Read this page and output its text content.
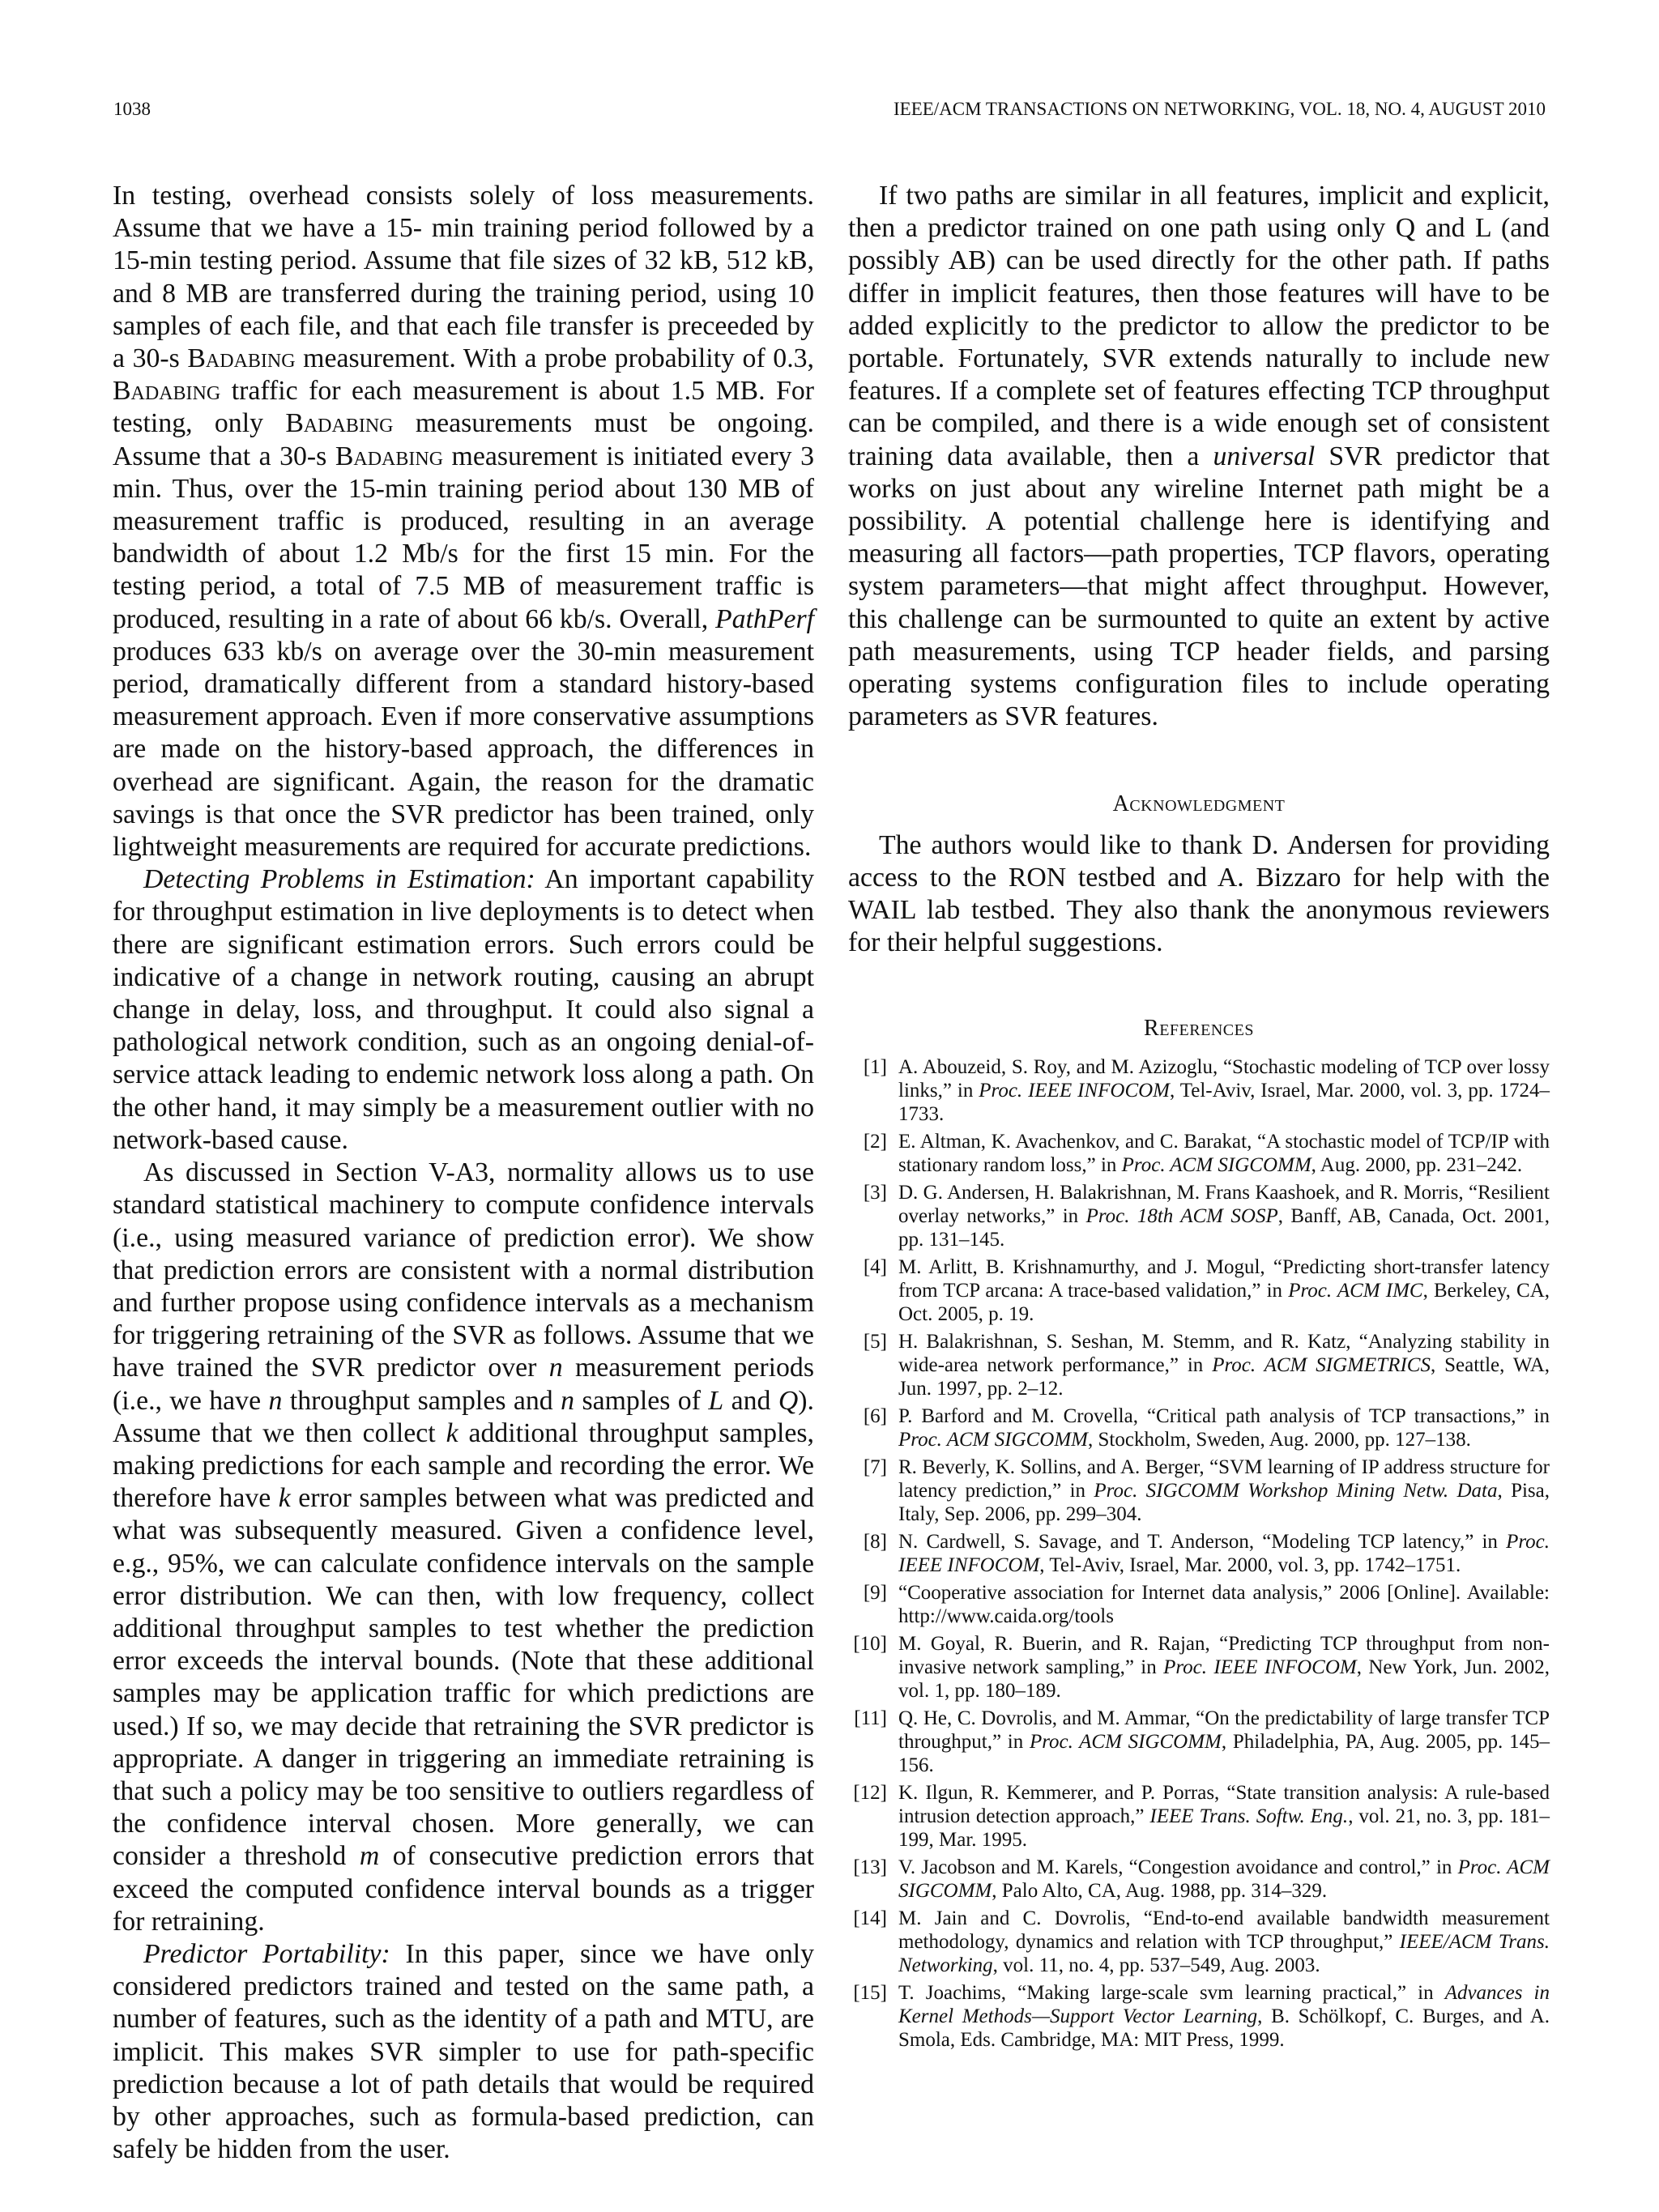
1038	IEEE/ACM TRANSACTIONS ON NETWORKING, VOL. 18, NO. 4, AUGUST 2010

In testing, overhead consists solely of loss measurements. Assume that we have a 15- min training period followed by a 15-min testing period. Assume that file sizes of 32 kB, 512 kB, and 8 MB are transferred during the training period, using 10 samples of each file, and that each file transfer is preceeded by a 30-s Badabing measurement. With a probe probability of 0.3, Badabing traffic for each measurement is about 1.5 MB. For testing, only Badabing measurements must be ongoing. Assume that a 30-s Badabing measurement is initiated every 3 min. Thus, over the 15-min training period about 130 MB of measurement traffic is produced, resulting in an average bandwidth of about 1.2 Mb/s for the first 15 min. For the testing period, a total of 7.5 MB of measurement traffic is produced, resulting in a rate of about 66 kb/s. Overall, PathPerf produces 633 kb/s on average over the 30-min measurement period, dramatically different from a standard history-based measurement approach. Even if more conservative assumptions are made on the history-based approach, the differences in overhead are significant. Again, the reason for the dramatic savings is that once the SVR predictor has been trained, only lightweight measurements are required for accurate predictions.

Detecting Problems in Estimation: An important capability for throughput estimation in live deployments is to detect when there are significant estimation errors. Such errors could be indicative of a change in network routing, causing an abrupt change in delay, loss, and throughput. It could also signal a pathological network condition, such as an ongoing denial-of-service attack leading to endemic network loss along a path. On the other hand, it may simply be a measurement outlier with no network-based cause.

As discussed in Section V-A3, normality allows us to use standard statistical machinery to compute confidence intervals (i.e., using measured variance of prediction error). We show that prediction errors are consistent with a normal distribution and further propose using confidence intervals as a mechanism for triggering retraining of the SVR as follows. Assume that we have trained the SVR predictor over n measurement periods (i.e., we have n throughput samples and n samples of L and Q). Assume that we then collect k additional throughput samples, making predictions for each sample and recording the error. We therefore have k error samples between what was predicted and what was subsequently measured. Given a confidence level, e.g., 95%, we can calculate confidence intervals on the sample error distribution. We can then, with low frequency, collect additional throughput samples to test whether the prediction error exceeds the interval bounds. (Note that these additional samples may be application traffic for which predictions are used.) If so, we may decide that retraining the SVR predictor is appropriate. A danger in triggering an immediate retraining is that such a policy may be too sensitive to outliers regardless of the confidence interval chosen. More generally, we can consider a threshold m of consecutive prediction errors that exceed the computed confidence interval bounds as a trigger for retraining.

Predictor Portability: In this paper, since we have only considered predictors trained and tested on the same path, a number of features, such as the identity of a path and MTU, are implicit. This makes SVR simpler to use for path-specific prediction because a lot of path details that would be required by other approaches, such as formula-based prediction, can safely be hidden from the user.

If two paths are similar in all features, implicit and explicit, then a predictor trained on one path using only Q and L (and possibly AB) can be used directly for the other path. If paths differ in implicit features, then those features will have to be added explicitly to the predictor to allow the predictor to be portable. Fortunately, SVR extends naturally to include new features. If a complete set of features effecting TCP throughput can be compiled, and there is a wide enough set of consistent training data available, then a universal SVR predictor that works on just about any wireline Internet path might be a possibility. A potential challenge here is identifying and measuring all factors—path properties, TCP flavors, operating system parameters—that might affect throughput. However, this challenge can be surmounted to quite an extent by active path measurements, using TCP header fields, and parsing operating systems configuration files to include operating parameters as SVR features.

Acknowledgment

The authors would like to thank D. Andersen for providing access to the RON testbed and A. Bizzaro for help with the WAIL lab testbed. They also thank the anonymous reviewers for their helpful suggestions.

References
[1] A. Abouzeid, S. Roy, and M. Azizoglu, “Stochastic modeling of TCP over lossy links,” in Proc. IEEE INFOCOM, Tel-Aviv, Israel, Mar. 2000, vol. 3, pp. 1724–1733.
[2] E. Altman, K. Avachenkov, and C. Barakat, “A stochastic model of TCP/IP with stationary random loss,” in Proc. ACM SIGCOMM, Aug. 2000, pp. 231–242.
[3] D. G. Andersen, H. Balakrishnan, M. Frans Kaashoek, and R. Morris, “Resilient overlay networks,” in Proc. 18th ACM SOSP, Banff, AB, Canada, Oct. 2001, pp. 131–145.
[4] M. Arlitt, B. Krishnamurthy, and J. Mogul, “Predicting short-transfer latency from TCP arcana: A trace-based validation,” in Proc. ACM IMC, Berkeley, CA, Oct. 2005, p. 19.
[5] H. Balakrishnan, S. Seshan, M. Stemm, and R. Katz, “Analyzing stability in wide-area network performance,” in Proc. ACM SIGMETRICS, Seattle, WA, Jun. 1997, pp. 2–12.
[6] P. Barford and M. Crovella, “Critical path analysis of TCP transactions,” in Proc. ACM SIGCOMM, Stockholm, Sweden, Aug. 2000, pp. 127–138.
[7] R. Beverly, K. Sollins, and A. Berger, “SVM learning of IP address structure for latency prediction,” in Proc. SIGCOMM Workshop Mining Netw. Data, Pisa, Italy, Sep. 2006, pp. 299–304.
[8] N. Cardwell, S. Savage, and T. Anderson, “Modeling TCP latency,” in Proc. IEEE INFOCOM, Tel-Aviv, Israel, Mar. 2000, vol. 3, pp. 1742–1751.
[9] “Cooperative association for Internet data analysis,” 2006 [Online]. Available: http://www.caida.org/tools
[10] M. Goyal, R. Buerin, and R. Rajan, “Predicting TCP throughput from non-invasive network sampling,” in Proc. IEEE INFOCOM, New York, Jun. 2002, vol. 1, pp. 180–189.
[11] Q. He, C. Dovrolis, and M. Ammar, “On the predictability of large transfer TCP throughput,” in Proc. ACM SIGCOMM, Philadelphia, PA, Aug. 2005, pp. 145–156.
[12] K. Ilgun, R. Kemmerer, and P. Porras, “State transition analysis: A rule-based intrusion detection approach,” IEEE Trans. Softw. Eng., vol. 21, no. 3, pp. 181–199, Mar. 1995.
[13] V. Jacobson and M. Karels, “Congestion avoidance and control,” in Proc. ACM SIGCOMM, Palo Alto, CA, Aug. 1988, pp. 314–329.
[14] M. Jain and C. Dovrolis, “End-to-end available bandwidth measurement methodology, dynamics and relation with TCP throughput,” IEEE/ACM Trans. Networking, vol. 11, no. 4, pp. 537–549, Aug. 2003.
[15] T. Joachims, “Making large-scale svm learning practical,” in Advances in Kernel Methods—Support Vector Learning, B. Schölkopf, C. Burges, and A. Smola, Eds. Cambridge, MA: MIT Press, 1999.
